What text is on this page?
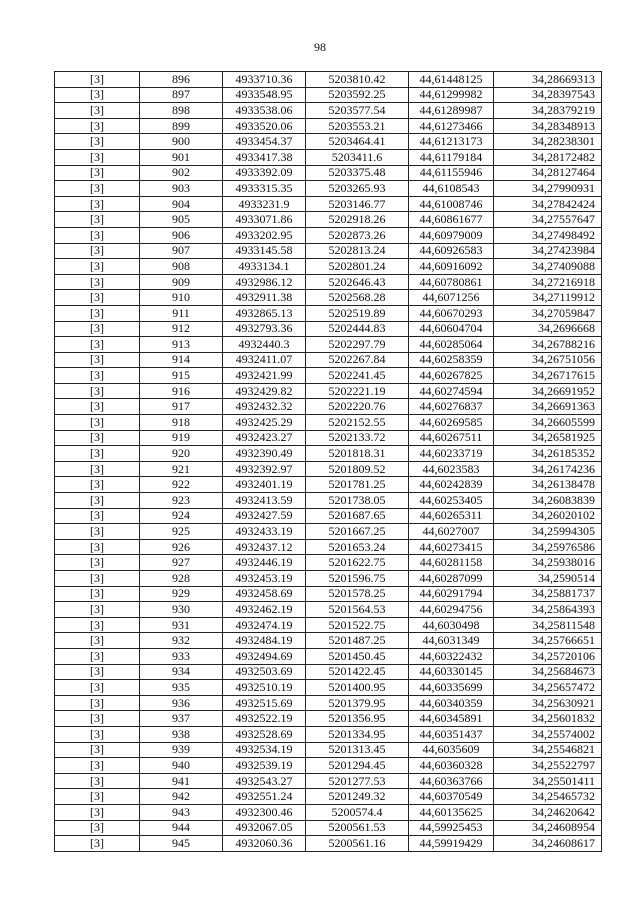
98
[3]	896	4933710.36	5203810.42	44,61448125	34,28669313
[3]	897	4933548.95	5203592.25	44,61299982	34,28397543
[3]	898	4933538.06	5203577.54	44,61289987	34,28379219
[3]	899	4933520.06	5203553.21	44,61273466	34,28348913
[3]	900	4933454.37	5203464.41	44,61213173	34,28238301
[3]	901	4933417.38	5203411.6	44,61179184	34,28172482
[3]	902	4933392.09	5203375.48	44,61155946	34,28127464
[3]	903	4933315.35	5203265.93	44,6108543	34,27990931
[3]	904	4933231.9	5203146.77	44,61008746	34,27842424
[3]	905	4933071.86	5202918.26	44,60861677	34,27557647
[3]	906	4933202.95	5202873.26	44,60979009	34,27498492
[3]	907	4933145.58	5202813.24	44,60926583	34,27423984
[3]	908	4933134.1	5202801.24	44,60916092	34,27409088
[3]	909	4932986.12	5202646.43	44,60780861	34,27216918
[3]	910	4932911.38	5202568.28	44,6071256	34,27119912
[3]	911	4932865.13	5202519.89	44,60670293	34,27059847
[3]	912	4932793.36	5202444.83	44,60604704	34,2696668
[3]	913	4932440.3	5202297.79	44,60285064	34,26788216
[3]	914	4932411.07	5202267.84	44,60258359	34,26751056
[3]	915	4932421.99	5202241.45	44,60267825	34,26717615
[3]	916	4932429.82	5202221.19	44,60274594	34,26691952
[3]	917	4932432.32	5202220.76	44,60276837	34,26691363
[3]	918	4932425.29	5202152.55	44,60269585	34,26605599
[3]	919	4932423.27	5202133.72	44,60267511	34,26581925
[3]	920	4932390.49	5201818.31	44,60233719	34,26185352
[3]	921	4932392.97	5201809.52	44,6023583	34,26174236
[3]	922	4932401.19	5201781.25	44,60242839	34,26138478
[3]	923	4932413.59	5201738.05	44,60253405	34,26083839
[3]	924	4932427.59	5201687.65	44,60265311	34,26020102
[3]	925	4932433.19	5201667.25	44,6027007	34,25994305
[3]	926	4932437.12	5201653.24	44,60273415	34,25976586
[3]	927	4932446.19	5201622.75	44,60281158	34,25938016
[3]	928	4932453.19	5201596.75	44,60287099	34,2590514
[3]	929	4932458.69	5201578.25	44,60291794	34,25881737
[3]	930	4932462.19	5201564.53	44,60294756	34,25864393
[3]	931	4932474.19	5201522.75	44,6030498	34,25811548
[3]	932	4932484.19	5201487.25	44,6031349	34,25766651
[3]	933	4932494.69	5201450.45	44,60322432	34,25720106
[3]	934	4932503.69	5201422.45	44,60330145	34,25684673
[3]	935	4932510.19	5201400.95	44,60335699	34,25657472
[3]	936	4932515.69	5201379.95	44,60340359	34,25630921
[3]	937	4932522.19	5201356.95	44,60345891	34,25601832
[3]	938	4932528.69	5201334.95	44,60351437	34,25574002
[3]	939	4932534.19	5201313.45	44,6035609	34,25546821
[3]	940	4932539.19	5201294.45	44,60360328	34,25522797
[3]	941	4932543.27	5201277.53	44,60363766	34,25501411
[3]	942	4932551.24	5201249.32	44,60370549	34,25465732
[3]	943	4932300.46	5200574.4	44,60135625	34,24620642
[3]	944	4932067.05	5200561.53	44,59925453	34,24608954
[3]	945	4932060.36	5200561.16	44,59919429	34,24608617
